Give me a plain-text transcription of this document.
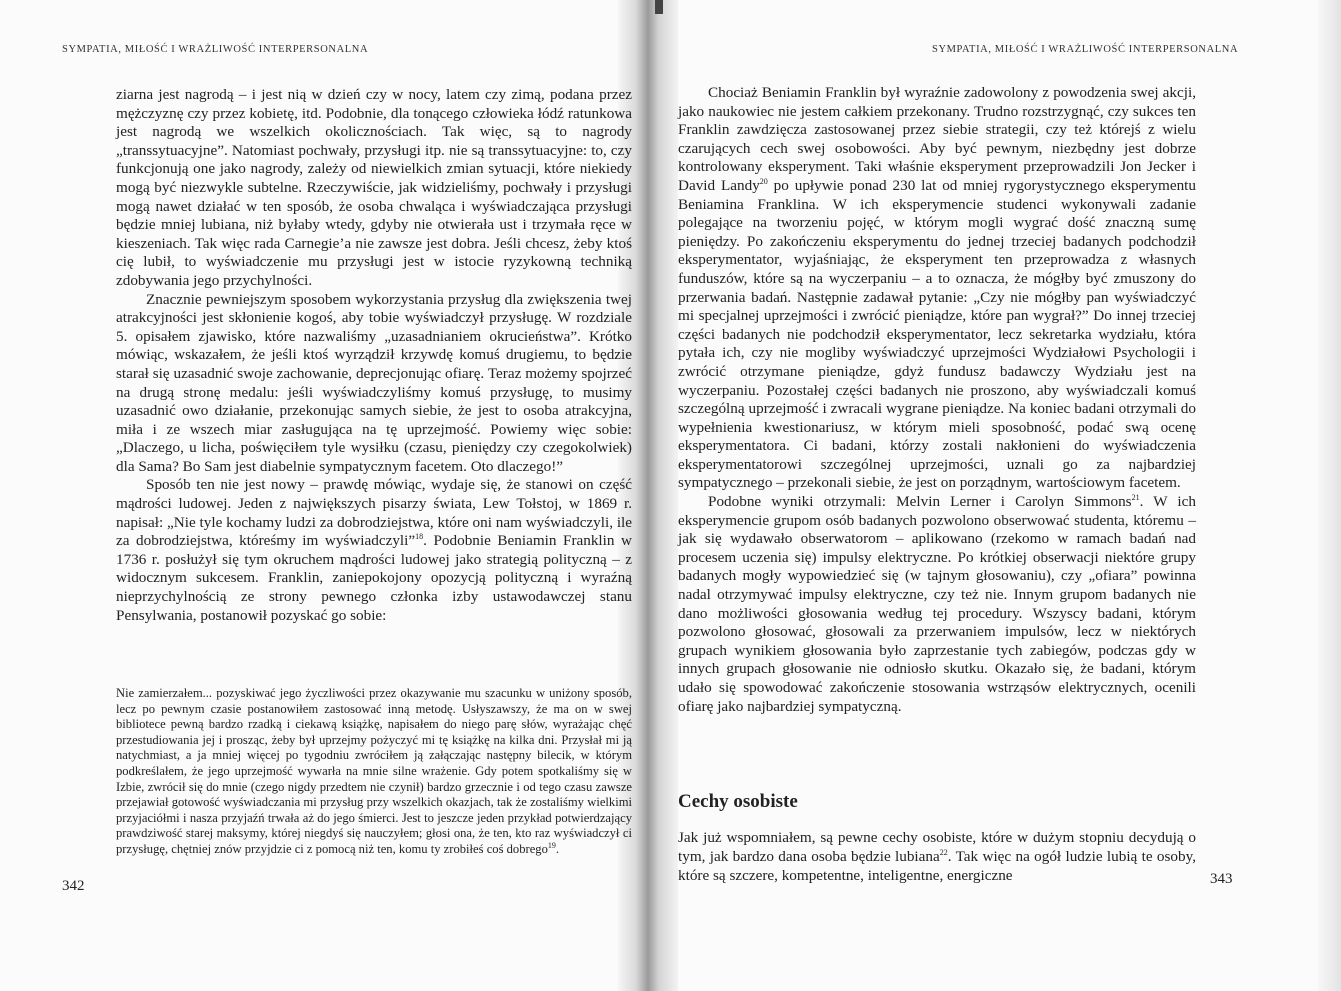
SYMPATIA, MIŁOŚĆ I WRAŻLIWOŚĆ INTERPERSONALNA	SYMPATIA, MIŁOŚĆ I WRAŻLIWOŚĆ INTERPERSONALNA

ziarna jest nagrodą – i jest nią w dzień czy w nocy, latem czy zimą, podana przez mężczyznę czy przez kobietę, itd. Podobnie, dla tonącego człowieka łódź ratunkowa jest nagrodą we wszelkich okolicznościach. Tak więc, są to nagrody „transsytuacyjne”. Natomiast pochwały, przysługi itp. nie są transsytuacyjne: to, czy funkcjonują one jako nagrody, zależy od niewielkich zmian sytuacji, które niekiedy mogą być niezwykle subtelne. Rzeczywiście, jak widzieliśmy, pochwały i przysługi mogą nawet działać w ten sposób, że osoba chwaląca i wyświadczająca przysługi będzie mniej lubiana, niż byłaby wtedy, gdyby nie otwierała ust i trzymała ręce w kieszeniach. Tak więc rada Carnegie’a nie zawsze jest dobra. Jeśli chcesz, żeby ktoś cię lubił, to wyświadczenie mu przysługi jest w istocie ryzykowną techniką zdobywania jego przychylności.

Znacznie pewniejszym sposobem wykorzystania przysług dla zwiększenia twej atrakcyjności jest skłonienie kogoś, aby tobie wyświadczył przysługę. W rozdziale 5. opisałem zjawisko, które nazwaliśmy „uzasadnianiem okrucieństwa”. Krótko mówiąc, wskazałem, że jeśli ktoś wyrządził krzywdę komuś drugiemu, to będzie starał się uzasadnić swoje zachowanie, deprecjonując ofiarę. Teraz możemy spojrzeć na drugą stronę medalu: jeśli wyświadczyliśmy komuś przysługę, to musimy uzasadnić owo działanie, przekonując samych siebie, że jest to osoba atrakcyjna, miła i ze wszech miar zasługująca na tę uprzejmość. Powiemy więc sobie: „Dlaczego, u licha, poświęciłem tyle wysiłku (czasu, pieniędzy czy czegokolwiek) dla Sama? Bo Sam jest diabelnie sympatycznym facetem. Oto dlaczego!”

Sposób ten nie jest nowy – prawdę mówiąc, wydaje się, że stanowi on część mądrości ludowej. Jeden z największych pisarzy świata, Lew Tołstoj, w 1869 r. napisał: „Nie tyle kochamy ludzi za dobrodziejstwa, które oni nam wyświadczyli, ile za dobrodziejstwa, któreśmy im wyświadczyli”$^{18}$. Podobnie Beniamin Franklin w 1736 r. posłużył się tym okruchem mądrości ludowej jako strategią polityczną – z widocznym sukcesem. Franklin, zaniepokojony opozycją polityczną i wyraźną nieprzychylnością ze strony pewnego członka izby ustawodawczej stanu Pensylwania, postanowił pozyskać go sobie:

Nie zamierzałem... pozyskiwać jego życzliwości przez okazywanie mu szacunku w uniżony sposób, lecz po pewnym czasie postanowiłem zastosować inną metodę. Usłyszawszy, że ma on w swej bibliotece pewną bardzo rzadką i ciekawą książkę, napisałem do niego parę słów, wyrażając chęć przestudiowania jej i prosząc, żeby był uprzejmy pożyczyć mi tę książkę na kilka dni. Przysłał mi ją natychmiast, a ja mniej więcej po tygodniu zwróciłem ją załączając następny bilecik, w którym podkreślałem, że jego uprzejmość wywarła na mnie silne wrażenie. Gdy potem spotkaliśmy się w Izbie, zwrócił się do mnie (czego nigdy przedtem nie czynił) bardzo grzecznie i od tego czasu zawsze przejawiał gotowość wyświadczania mi przysług przy wszelkich okazjach, tak że zostaliśmy wielkimi przyjaciółmi i nasza przyjaźń trwała aż do jego śmierci. Jest to jeszcze jeden przykład potwierdzający prawdziwość starej maksymy, której niegdyś się nauczyłem; głosi ona, że ten, kto raz wyświadczył ci przysługę, chętniej znów przyjdzie ci z pomocą niż ten, komu ty zrobiłeś coś dobrego$^{19}$.

342

Chociaż Beniamin Franklin był wyraźnie zadowolony z powodzenia swej akcji, jako naukowiec nie jestem całkiem przekonany. Trudno rozstrzygnąć, czy sukces ten Franklin zawdzięcza zastosowanej przez siebie strategii, czy też którejś z wielu czarujących cech swej osobowości. Aby być pewnym, niezbędny jest dobrze kontrolowany eksperyment. Taki właśnie eksperyment przeprowadzili Jon Jecker i David Landy$^{20}$ po upływie ponad 230 lat od mniej rygorystycznego eksperymentu Beniamina Franklina. W ich eksperymencie studenci wykonywali zadanie polegające na tworzeniu pojęć, w którym mogli wygrać dość znaczną sumę pieniędzy. Po zakończeniu eksperymentu do jednej trzeciej badanych podchodził eksperymentator, wyjaśniając, że eksperyment ten przeprowadza z własnych funduszów, które są na wyczerpaniu – a to oznacza, że mógłby być zmuszony do przerwania badań. Następnie zadawał pytanie: „Czy nie mógłby pan wyświadczyć mi specjalnej uprzejmości i zwrócić pieniądze, które pan wygrał?” Do innej trzeciej części badanych nie podchodził eksperymentator, lecz sekretarka wydziału, która pytała ich, czy nie mogliby wyświadczyć uprzejmości Wydziałowi Psychologii i zwrócić otrzymane pieniądze, gdyż fundusz badawczy Wydziału jest na wyczerpaniu. Pozostałej części badanych nie proszono, aby wyświadczali komuś szczególną uprzejmość i zwracali wygrane pieniądze. Na koniec badani otrzymali do wypełnienia kwestionariusz, w którym mieli sposobność, podać swą ocenę eksperymentatora. Ci badani, którzy zostali nakłonieni do wyświadczenia eksperymentatorowi szczególnej uprzejmości, uznali go za najbardziej sympatycznego – przekonali siebie, że jest on porządnym, wartościowym facetem.

Podobne wyniki otrzymali: Melvin Lerner i Carolyn Simmons$^{21}$. W ich eksperymencie grupom osób badanych pozwolono obserwować studenta, któremu – jak się wydawało obserwatorom – aplikowano (rzekomo w ramach badań nad procesem uczenia się) impulsy elektryczne. Po krótkiej obserwacji niektóre grupy badanych mogły wypowiedzieć się (w tajnym głosowaniu), czy „ofiara” powinna nadal otrzymywać impulsy elektryczne, czy też nie. Innym grupom badanych nie dano możliwości głosowania według tej procedury. Wszyscy badani, którym pozwolono głosować, głosowali za przerwaniem impulsów, lecz w niektórych grupach wynikiem głosowania było zaprzestanie tych zabiegów, podczas gdy w innych grupach głosowanie nie odniosło skutku. Okazało się, że badani, którym udało się spowodować zakończenie stosowania wstrząsów elektrycznych, ocenili ofiarę jako najbardziej sympatyczną.

Cechy osobiste

Jak już wspomniałem, są pewne cechy osobiste, które w dużym stopniu decydują o tym, jak bardzo dana osoba będzie lubiana$^{22}$. Tak więc na ogół ludzie lubią te osoby, które są szczere, kompetentne, inteligentne, energiczne	343
